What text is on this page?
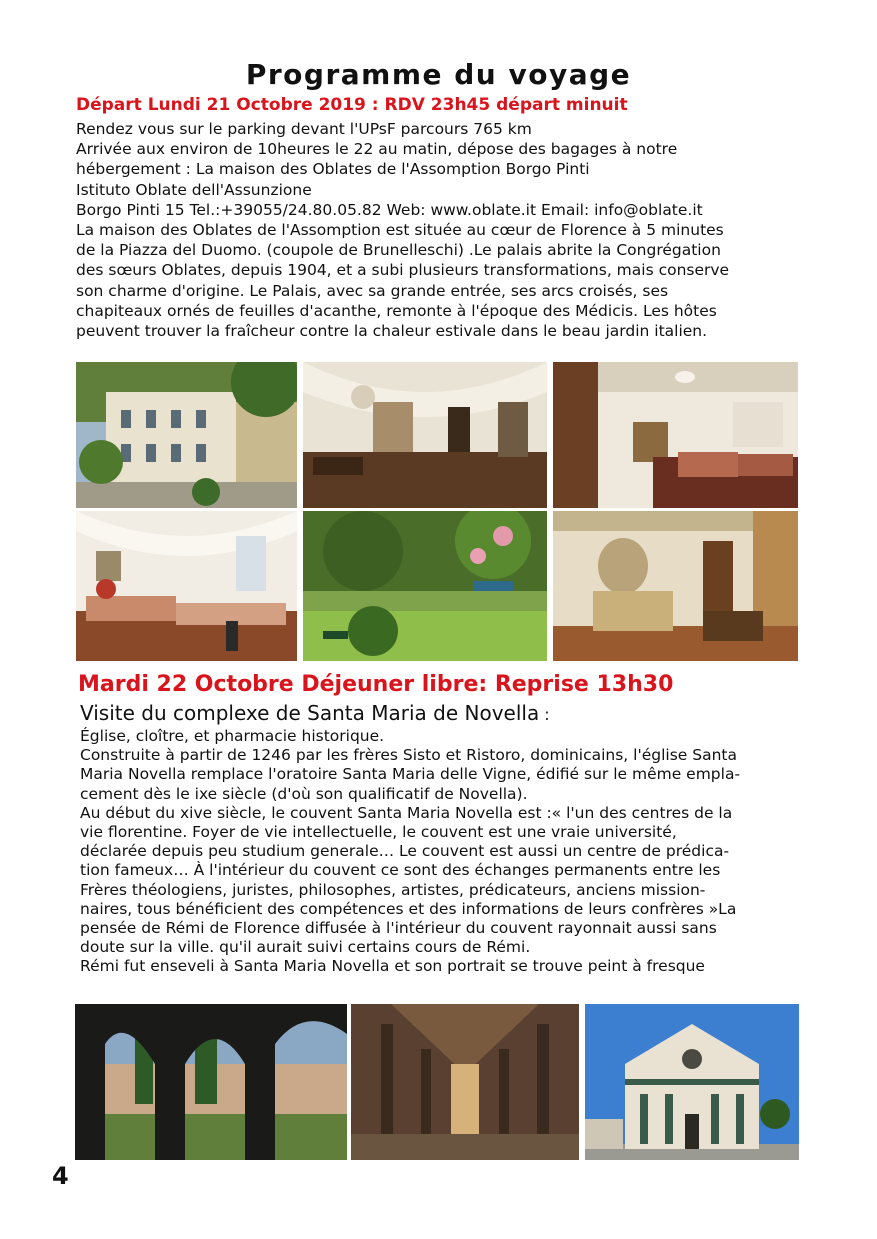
Programme du voyage
Départ Lundi 21 Octobre 2019 : RDV 23h45 départ minuit

Rendez vous sur le parking devant l'UPsF parcours 765 km

Arrivée aux environ de 10heures le 22 au matin, dépose des bagages à notre

hébergement : La maison des Oblates de l'Assomption Borgo Pinti

Istituto Oblate dell'Assunzione

Borgo Pinti 15 Tel.:+39055/24.80.05.82 Web: www.oblate.it Email: info@oblate.it

La maison des Oblates de l'Assomption est située au cœur de Florence à 5 minutes

de la Piazza del Duomo. (coupole de Brunelleschi) .Le palais abrite la Congrégation

des sœurs Oblates, depuis 1904, et a subi plusieurs transformations, mais conserve

son charme d'origine. Le Palais, avec sa grande entrée, ses arcs croisés, ses

chapiteaux ornés de feuilles d'acanthe, remonte à l'époque des Médicis. Les hôtes

peuvent trouver la fraîcheur contre la chaleur estivale dans le beau jardin italien.

Mardi 22 Octobre Déjeuner libre: Reprise 13h30
Visite du complexe de Santa Maria de Novella :

Église, cloître, et pharmacie historique.

Construite à partir de 1246 par les frères Sisto et Ristoro, dominicains, l'église Santa

Maria Novella remplace l'oratoire Santa Maria delle Vigne, édifié sur le même empla-

cement dès le ixe siècle (d'où son qualificatif de Novella).

Au début du xive siècle, le couvent Santa Maria Novella est :« l'un des centres de la

vie florentine. Foyer de vie intellectuelle, le couvent est une vraie université,

déclarée depuis peu studium generale… Le couvent est aussi un centre de prédica-

tion fameux… À l'intérieur du couvent ce sont des échanges permanents entre les

Frères théologiens, juristes, philosophes, artistes, prédicateurs, anciens mission-

naires, tous bénéficient des compétences et des informations de leurs confrères »La

pensée de Rémi de Florence diffusée à l'intérieur du couvent rayonnait aussi sans

doute sur la ville. qu'il aurait suivi certains cours de Rémi.

Rémi fut enseveli à Santa Maria Novella et son portrait se trouve peint à fresque

4
